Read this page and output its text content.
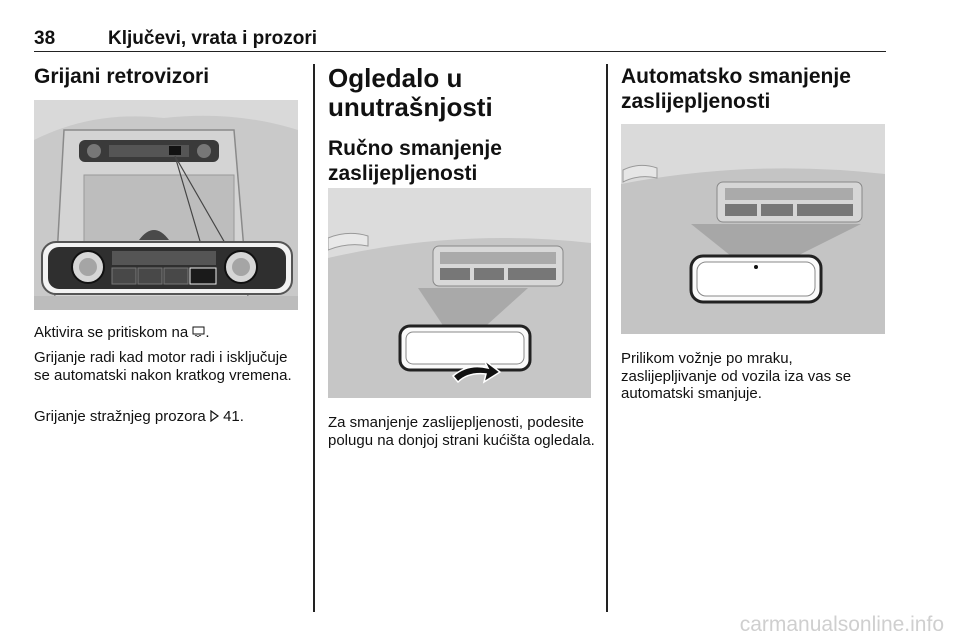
38	Ključevi, vrata i prozori

Grijani retrovizori

Aktivira se pritiskom na .

Grijanje radi kad motor radi i isključuje se automatski nakon kratkog vremena.

Grijanje stražnjeg prozora 41.

Ogledalo u
unutrašnjosti

Ručno smanjenje
zaslijepljenosti

Za smanjenje zaslijepljenosti, podesite polugu na donjoj strani kućišta ogledala.

Automatsko smanjenje
zaslijepljenosti

Prilikom vožnje po mraku, zaslijepljivanje od vozila iza vas se automatski smanjuje.

carmanualsonline.info
